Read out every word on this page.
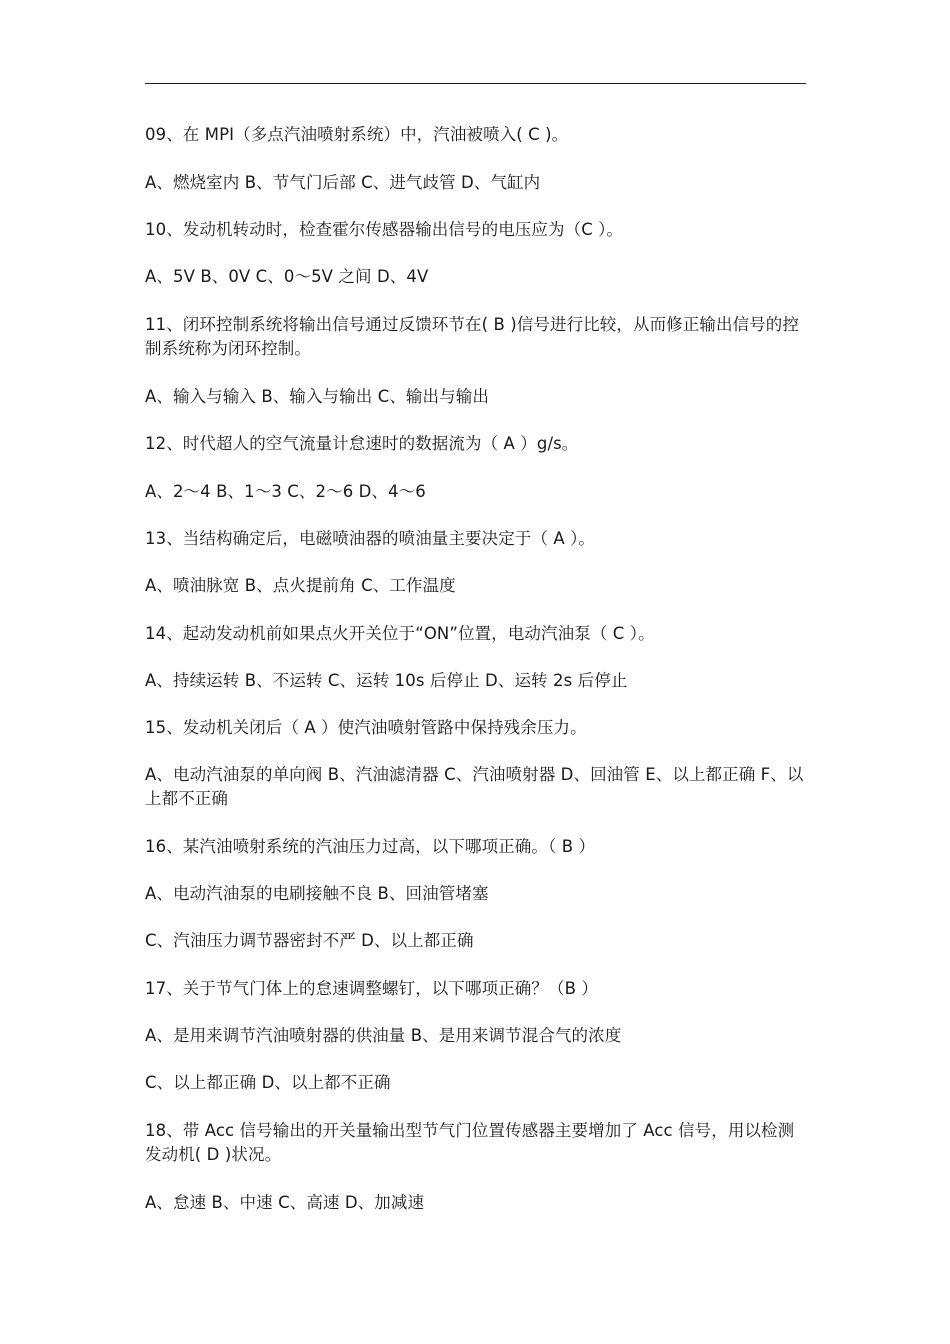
09、在 MPI（多点汽油喷射系统）中，汽油被喷入( C )。
A、燃烧室内 B、节气门后部 C、进气歧管 D、气缸内
10、发动机转动时，检查霍尔传感器输出信号的电压应为（C ）。
A、5V B、0V C、0～5V 之间 D、4V
11、闭环控制系统将输出信号通过反馈环节在( B )信号进行比较，从而修正输出信号的控制系统称为闭环控制。
A、输入与输入 B、输入与输出 C、输出与输出
12、时代超人的空气流量计怠速时的数据流为（ A ）g/s。
A、2～4 B、1～3 C、2～6 D、4～6
13、当结构确定后，电磁喷油器的喷油量主要决定于（ A ）。
A、喷油脉宽 B、点火提前角 C、工作温度
14、起动发动机前如果点火开关位于“ON”位置，电动汽油泵（ C ）。
A、持续运转 B、不运转 C、运转 10s 后停止 D、运转 2s 后停止
15、发动机关闭后（ A ）使汽油喷射管路中保持残余压力。
A、电动汽油泵的单向阀 B、汽油滤清器 C、汽油喷射器 D、回油管 E、以上都正确 F、以上都不正确
16、某汽油喷射系统的汽油压力过高，以下哪项正确。（ B ）
A、电动汽油泵的电刷接触不良 B、回油管堵塞
C、汽油压力调节器密封不严 D、以上都正确
17、关于节气门体上的怠速调整螺钉，以下哪项正确？（B ）
A、是用来调节汽油喷射器的供油量 B、是用来调节混合气的浓度
C、以上都正确 D、以上都不正确
18、带 Acc 信号输出的开关量输出型节气门位置传感器主要增加了 Acc 信号，用以检测发动机( D )状况。
A、怠速 B、中速 C、高速 D、加减速
